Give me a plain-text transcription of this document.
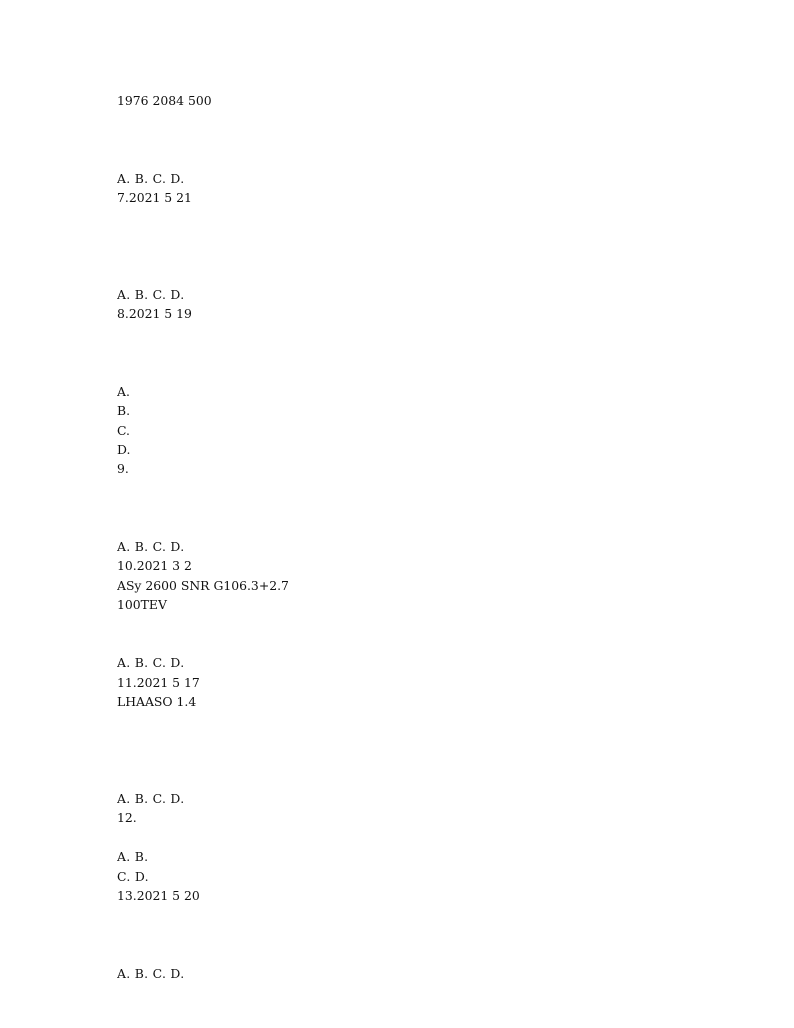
1976 2084 500
A. B. C. D.
7.2021 5 21
A. B. C. D.
8.2021 5 19
A.
B.
C.
D.
9.
A. B. C. D.
10.2021 3 2
ASy 2600 SNR G106.3+2.7
100TEV
A. B. C. D.
11.2021 5 17
LHAASO 1.4
A. B. C. D.
12.
A. B.
C. D.
13.2021 5 20
A. B. C. D.
